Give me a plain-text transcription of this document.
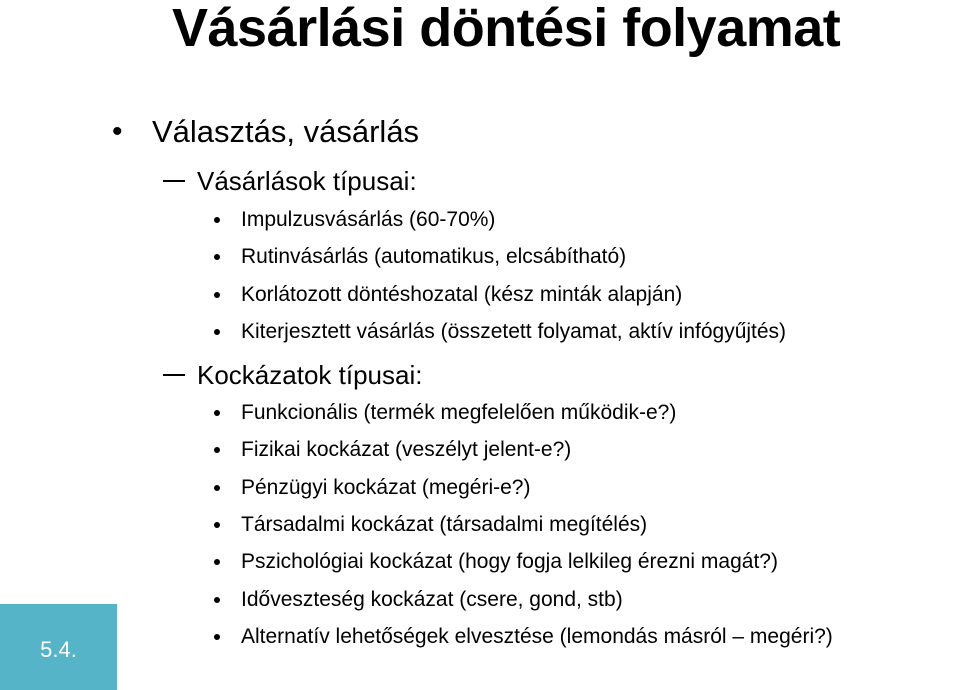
Vásárlási döntési folyamat
• Választás, vásárlás
Vásárlások típusai:
Impulzusvásárlás (60-70%)
Rutinvásárlás (automatikus, elcsábítható)
Korlátozott döntéshozatal (kész minták alapján)
Kiterjesztett vásárlás (összetett folyamat, aktív infógyűjtés)
Kockázatok típusai:
Funkcionális (termék megfelelően működik-e?)
Fizikai kockázat (veszélyt jelent-e?)
Pénzügyi kockázat (megéri-e?)
Társadalmi kockázat (társadalmi megítélés)
Pszichológiai kockázat (hogy fogja lelkileg érezni magát?)
Időveszteség kockázat (csere, gond, stb)
Alternatív lehetőségek elvesztése (lemondás másról – megéri?)
5.4.
